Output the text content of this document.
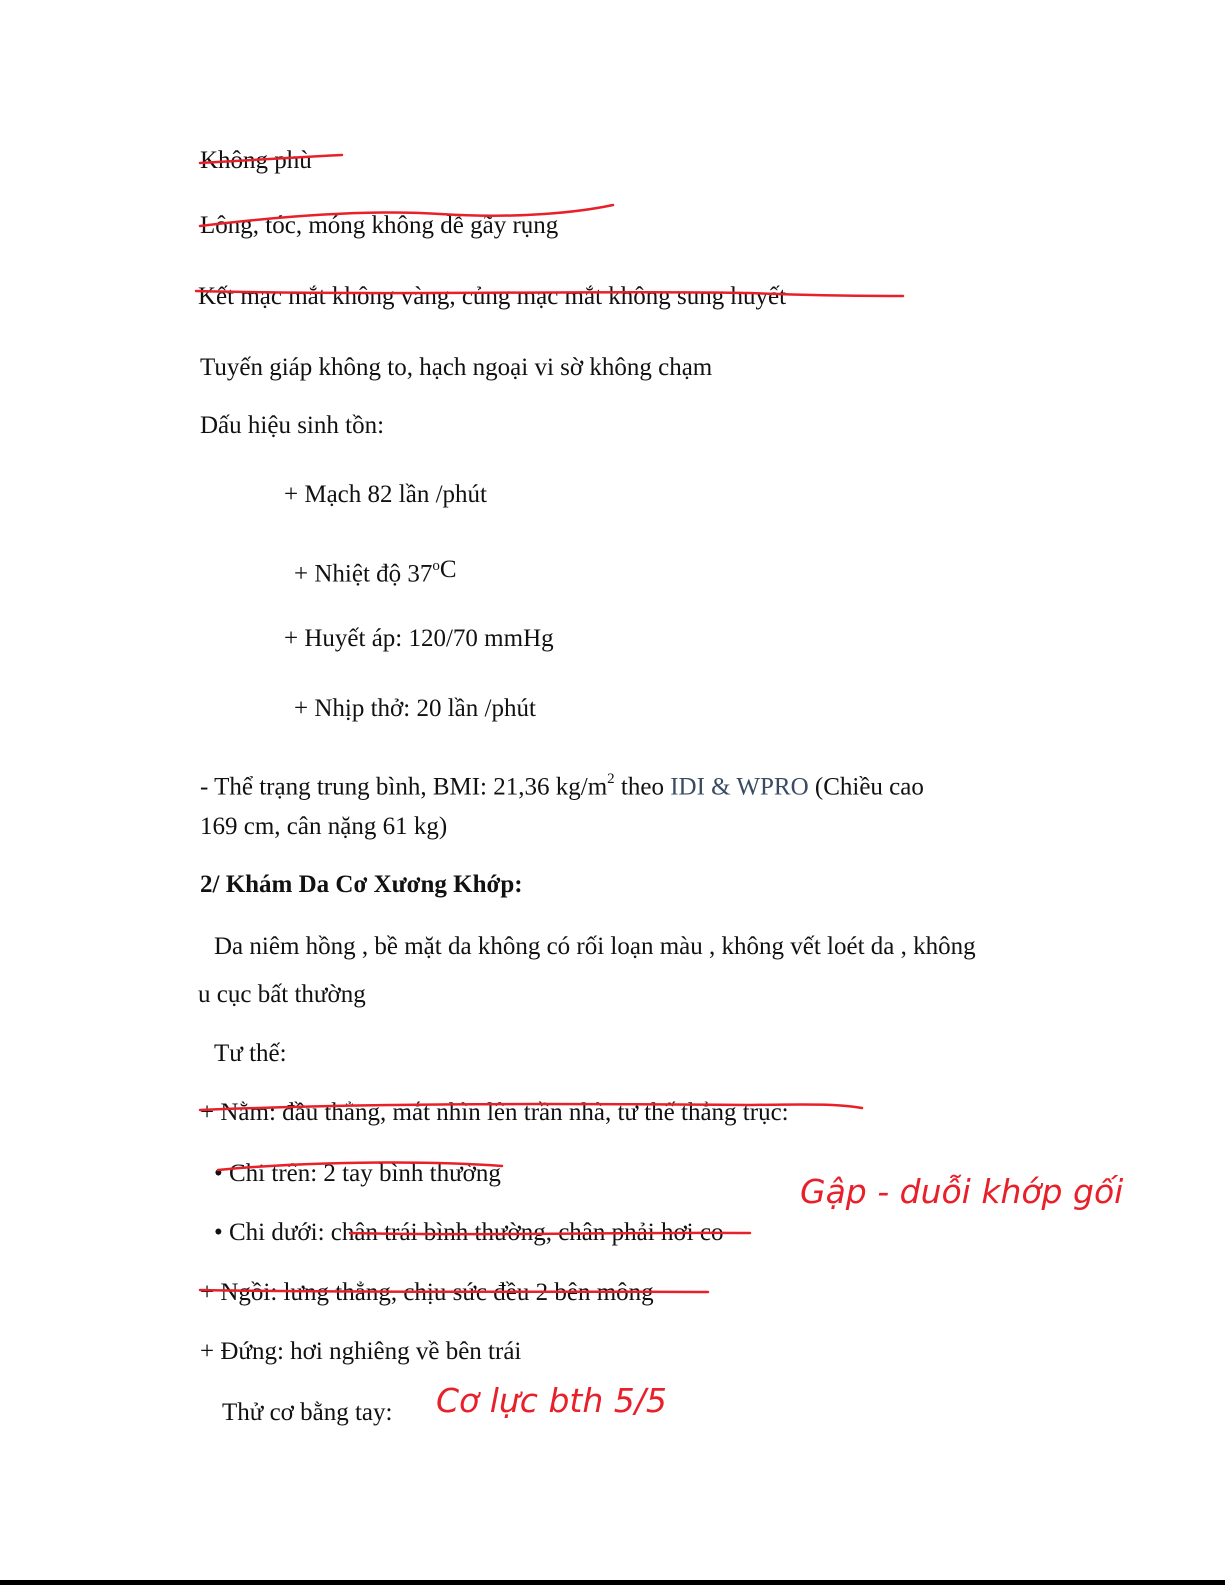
Không phù
Lông, tóc, móng không dễ gãy rụng
Kết mạc mắt không vàng, củng mạc mắt không sung huyết
Tuyến giáp không to, hạch ngoại vi sờ không chạm
Dấu hiệu sinh tồn:
+ Mạch 82 lần /phút
+ Nhiệt độ $37^oC$
+ Huyết áp: 120/70 mmHg
+ Nhịp thở: 20 lần /phút
- Thể trạng trung bình, BMI: 21,36 $kg/m^2$ theo IDI & WPRO (Chiều cao
169 cm, cân nặng 61 kg)
2/ Khám Da Cơ Xương Khớp:
Da niêm hồng , bề mặt da không có rối loạn màu , không vết loét da , không
u cục bất thường
Tư thế:
+ Nằm: đầu thẳng, mắt nhìn lên trần nhà, tư thế thẳng trục:
• Chi trên: 2 tay bình thường
• Chi dưới: chân trái bình thường, chân phải hơi co
+ Ngồi: lưng thẳng, chịu sức đều 2 bên mông
+ Đứng: hơi nghiêng về bên trái
Thử cơ bằng tay:
Gập - duỗi khớp gối
Cơ lực bth 5/5
